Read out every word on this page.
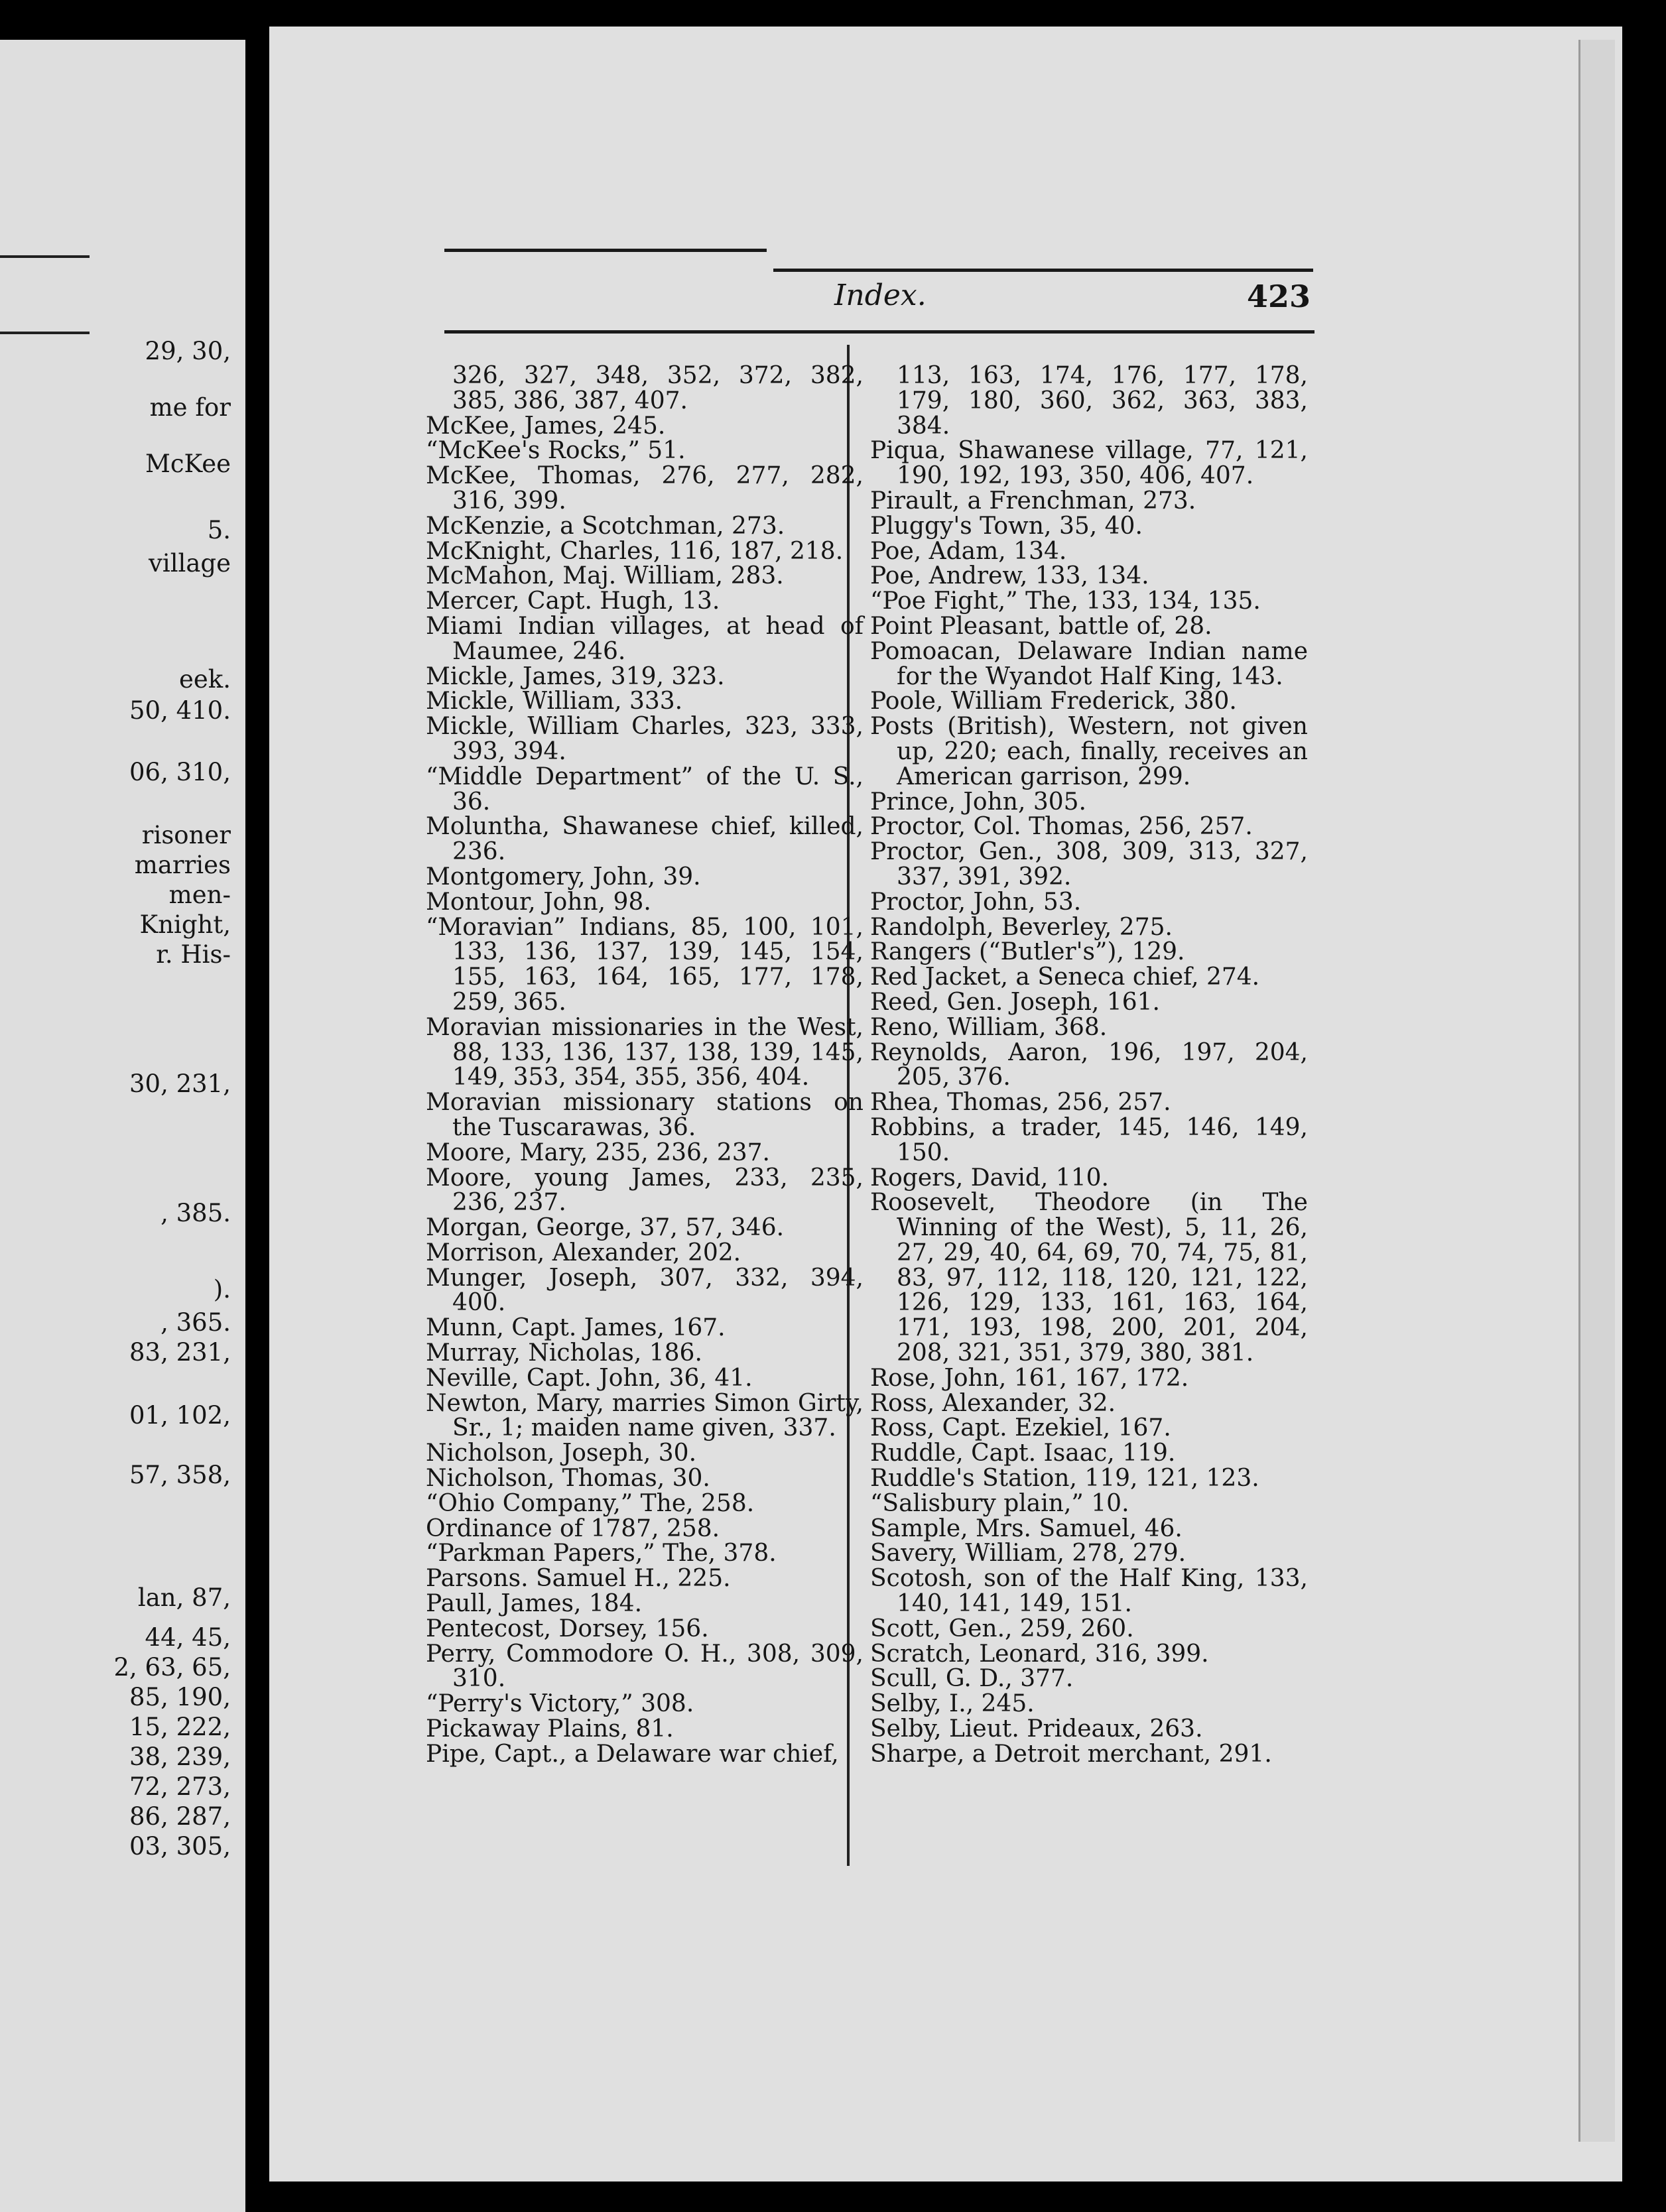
29, 30,
me for
McKee
5.
village
eek.
50, 410.
06, 310,
risoner
marries
men-
Knight,
r. His-
30, 231,
, 385.
).
, 365.
83, 231,
01, 102,
57, 358,
lan, 87,
44, 45,
2, 63, 65,
85, 190,
15, 222,
38, 239,
72, 273,
86, 287,
03, 305,
Index.	423
326, 327, 348, 352, 372, 382, 385, 386, 387, 407.
McKee, James, 245.
“McKee's Rocks,” 51.
McKee, Thomas, 276, 277, 282, 316, 399.
McKenzie, a Scotchman, 273.
McKnight, Charles, 116, 187, 218.
McMahon, Maj. William, 283.
Mercer, Capt. Hugh, 13.
Miami Indian villages, at head of Maumee, 246.
Mickle, James, 319, 323.
Mickle, William, 333.
Mickle, William Charles, 323, 333, 393, 394.
“Middle Department” of the U. S., 36.
Moluntha, Shawanese chief, killed, 236.
Montgomery, John, 39.
Montour, John, 98.
“Moravian” Indians, 85, 100, 101, 133, 136, 137, 139, 145, 154, 155, 163, 164, 165, 177, 178, 259, 365.
Moravian missionaries in the West, 88, 133, 136, 137, 138, 139, 145, 149, 353, 354, 355, 356, 404.
Moravian missionary stations on the Tuscarawas, 36.
Moore, Mary, 235, 236, 237.
Moore, young James, 233, 235, 236, 237.
Morgan, George, 37, 57, 346.
Morrison, Alexander, 202.
Munger, Joseph, 307, 332, 394, 400.
Munn, Capt. James, 167.
Murray, Nicholas, 186.
Neville, Capt. John, 36, 41.
Newton, Mary, marries Simon Girty, Sr., 1; maiden name given, 337.
Nicholson, Joseph, 30.
Nicholson, Thomas, 30.
“Ohio Company,” The, 258.
Ordinance of 1787, 258.
“Parkman Papers,” The, 378.
Parsons. Samuel H., 225.
Paull, James, 184.
Pentecost, Dorsey, 156.
Perry, Commodore O. H., 308, 309, 310.
“Perry's Victory,” 308.
Pickaway Plains, 81.
Pipe, Capt., a Delaware war chief,
113, 163, 174, 176, 177, 178, 179, 180, 360, 362, 363, 383, 384.
Piqua, Shawanese village, 77, 121, 190, 192, 193, 350, 406, 407.
Pirault, a Frenchman, 273.
Pluggy's Town, 35, 40.
Poe, Adam, 134.
Poe, Andrew, 133, 134.
“Poe Fight,” The, 133, 134, 135.
Point Pleasant, battle of, 28.
Pomoacan, Delaware Indian name for the Wyandot Half King, 143.
Poole, William Frederick, 380.
Posts (British), Western, not given up, 220; each, finally, receives an American garrison, 299.
Prince, John, 305.
Proctor, Col. Thomas, 256, 257.
Proctor, Gen., 308, 309, 313, 327, 337, 391, 392.
Proctor, John, 53.
Randolph, Beverley, 275.
Rangers (“Butler's”), 129.
Red Jacket, a Seneca chief, 274.
Reed, Gen. Joseph, 161.
Reno, William, 368.
Reynolds, Aaron, 196, 197, 204, 205, 376.
Rhea, Thomas, 256, 257.
Robbins, a trader, 145, 146, 149, 150.
Rogers, David, 110.
Roosevelt, Theodore (in The Winning of the West), 5, 11, 26, 27, 29, 40, 64, 69, 70, 74, 75, 81, 83, 97, 112, 118, 120, 121, 122, 126, 129, 133, 161, 163, 164, 171, 193, 198, 200, 201, 204, 208, 321, 351, 379, 380, 381.
Rose, John, 161, 167, 172.
Ross, Alexander, 32.
Ross, Capt. Ezekiel, 167.
Ruddle, Capt. Isaac, 119.
Ruddle's Station, 119, 121, 123.
“Salisbury plain,” 10.
Sample, Mrs. Samuel, 46.
Savery, William, 278, 279.
Scotosh, son of the Half King, 133, 140, 141, 149, 151.
Scott, Gen., 259, 260.
Scratch, Leonard, 316, 399.
Scull, G. D., 377.
Selby, I., 245.
Selby, Lieut. Prideaux, 263.
Sharpe, a Detroit merchant, 291.
